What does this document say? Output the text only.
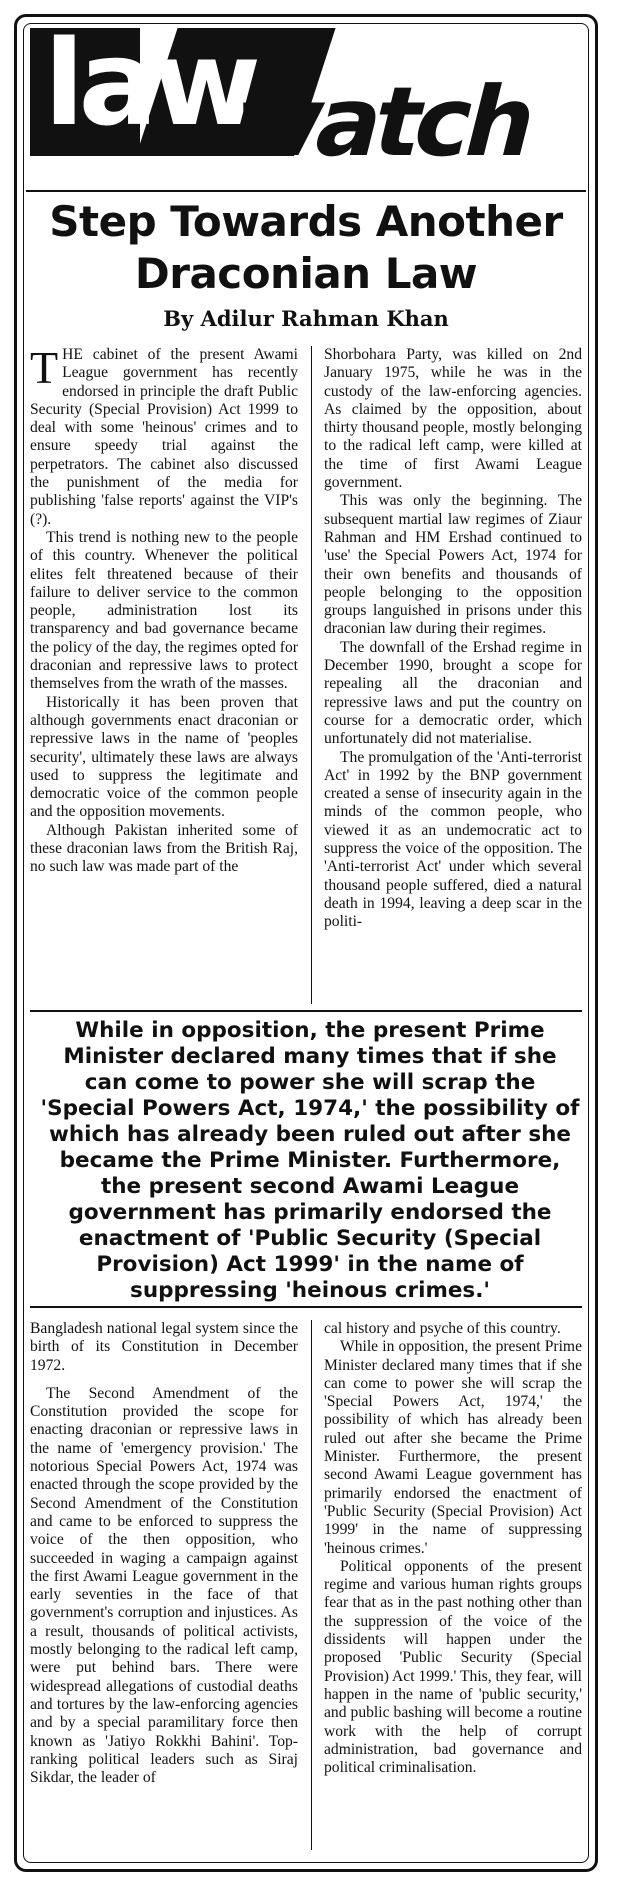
law
watch
Step Towards Another
Draconian Law
By Adilur Rahman Khan

THE cabinet of the present Awami League government has recently endorsed in principle the draft Public Security (Special Provision) Act 1999 to deal with some 'heinous' crimes and to ensure speedy trial against the perpetrators. The cabinet also discussed the punishment of the media for publishing 'false reports' against the VIP's (?).

This trend is nothing new to the people of this country. Whenever the political elites felt threatened because of their failure to deliver service to the common people, administration lost its transparency and bad governance became the policy of the day, the regimes opted for draconian and repressive laws to protect themselves from the wrath of the masses.

Historically it has been proven that although governments enact draconian or repressive laws in the name of 'peoples security', ultimately these laws are always used to suppress the legitimate and democratic voice of the common people and the opposition movements.

Although Pakistan inherited some of these draconian laws from the British Raj, no such law was made part of the

Shorbohara Party, was killed on 2nd January 1975, while he was in the custody of the law-enforcing agencies. As claimed by the opposition, about thirty thousand people, mostly belonging to the radical left camp, were killed at the time of first Awami League government.

This was only the beginning. The subsequent martial law regimes of Ziaur Rahman and HM Ershad continued to 'use' the Special Powers Act, 1974 for their own benefits and thousands of people belonging to the opposition groups languished in prisons under this draconian law during their regimes.

The downfall of the Ershad regime in December 1990, brought a scope for repealing all the draconian and repressive laws and put the country on course for a democratic order, which unfortunately did not materialise.

The promulgation of the 'Anti-terrorist Act' in 1992 by the BNP government created a sense of insecurity again in the minds of the common people, who viewed it as an undemocratic act to suppress the voice of the opposition. The 'Anti-terrorist Act' under which several thousand people suffered, died a natural death in 1994, leaving a deep scar in the politi-

While in opposition, the present Prime Minister declared many times that if she can come to power she will scrap the 'Special Powers Act, 1974,' the possibility of which has already been ruled out after she became the Prime Minister. Furthermore, the present second Awami League government has primarily endorsed the enactment of 'Public Security (Special Provision) Act 1999' in the name of suppressing 'heinous crimes.'

Bangladesh national legal system since the birth of its Constitution in December 1972.

The Second Amendment of the Constitution provided the scope for enacting draconian or repressive laws in the name of 'emergency provision.' The notorious Special Powers Act, 1974 was enacted through the scope provided by the Second Amendment of the Constitution and came to be enforced to suppress the voice of the then opposition, who succeeded in waging a campaign against the first Awami League government in the early seventies in the face of that government's corruption and injustices. As a result, thousands of political activists, mostly belonging to the radical left camp, were put behind bars. There were widespread allegations of custodial deaths and tortures by the law-enforcing agencies and by a special paramilitary force then known as 'Jatiyo Rokkhi Bahini'. Top-ranking political leaders such as Siraj Sikdar, the leader of

cal history and psyche of this country.

While in opposition, the present Prime Minister declared many times that if she can come to power she will scrap the 'Special Powers Act, 1974,' the possibility of which has already been ruled out after she became the Prime Minister. Furthermore, the present second Awami League government has primarily endorsed the enactment of 'Public Security (Special Provision) Act 1999' in the name of suppressing 'heinous crimes.'

Political opponents of the present regime and various human rights groups fear that as in the past nothing other than the suppression of the voice of the dissidents will happen under the proposed 'Public Security (Special Provision) Act 1999.' This, they fear, will happen in the name of 'public security,' and public bashing will become a routine work with the help of corrupt administration, bad governance and political criminalisation.
